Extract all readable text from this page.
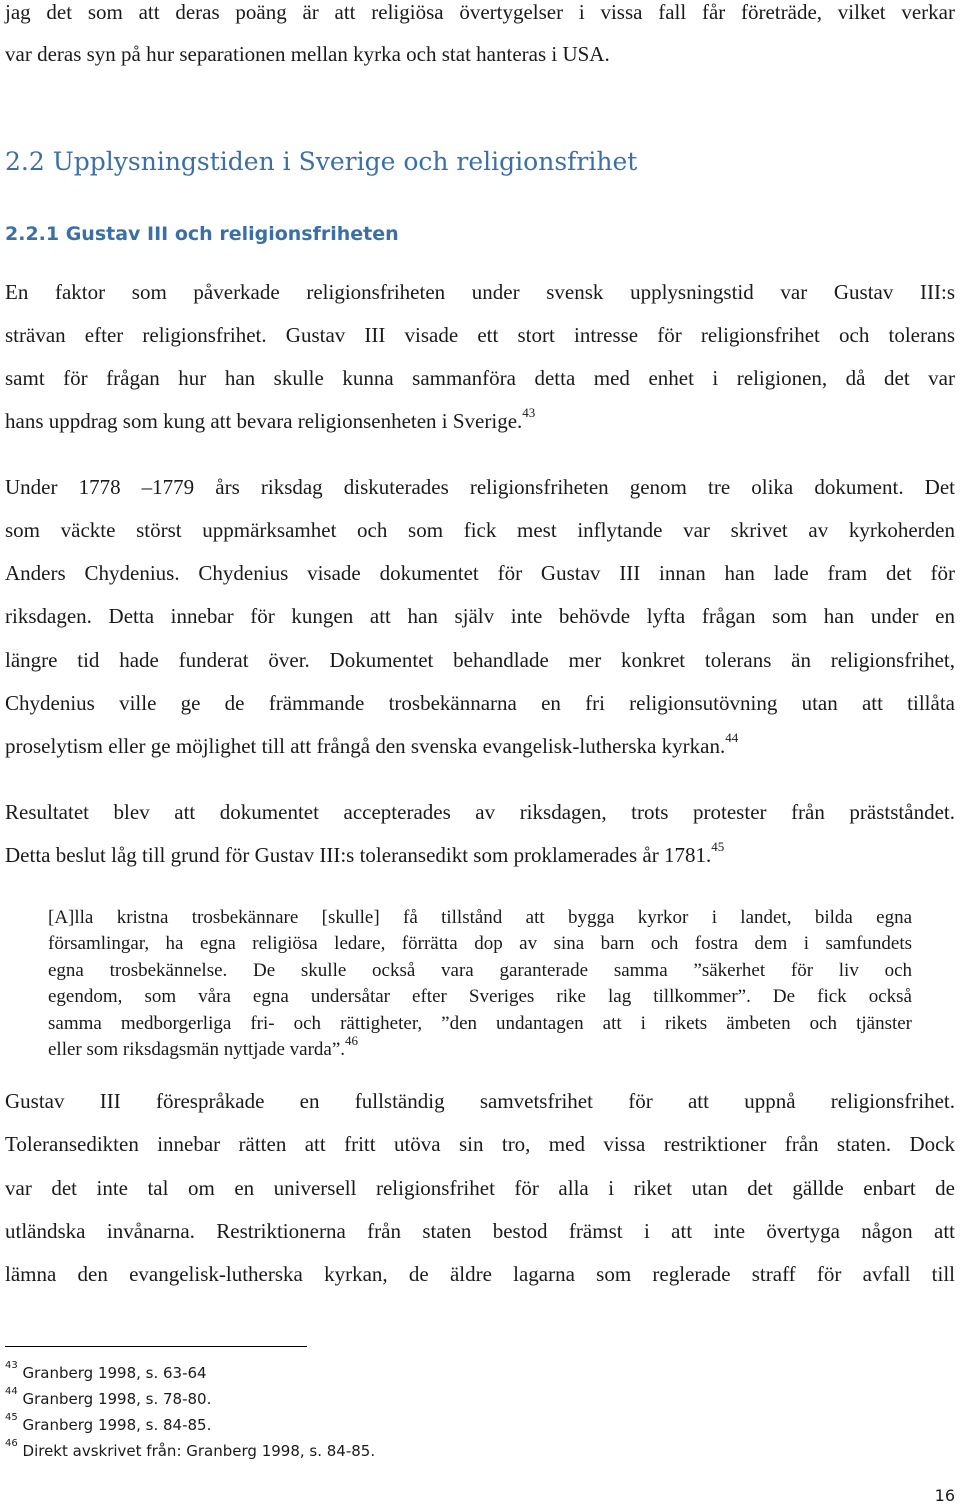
jag det som att deras poäng är att religiösa övertygelser i vissa fall får företräde, vilket verkar

var deras syn på hur separationen mellan kyrka och stat hanteras i USA.

2.2 Upplysningstiden i Sverige och religionsfrihet
2.2.1 Gustav III och religionsfriheten

En faktor som påverkade religionsfriheten under svensk upplysningstid var Gustav III:s

strävan efter religionsfrihet. Gustav III visade ett stort intresse för religionsfrihet och tolerans

samt för frågan hur han skulle kunna sammanföra detta med enhet i religionen, då det var

hans uppdrag som kung att bevara religionsenheten i Sverige.$^{43}$

Under 1778 –1779 års riksdag diskuterades religionsfriheten genom tre olika dokument. Det

som väckte störst uppmärksamhet och som fick mest inflytande var skrivet av kyrkoherden

Anders Chydenius. Chydenius visade dokumentet för Gustav III innan han lade fram det för

riksdagen. Detta innebar för kungen att han själv inte behövde lyfta frågan som han under en

längre tid hade funderat över. Dokumentet behandlade mer konkret tolerans än religionsfrihet,

Chydenius ville ge de främmande trosbekännarna en fri religionsutövning utan att tillåta

proselytism eller ge möjlighet till att frångå den svenska evangelisk-lutherska kyrkan.$^{44}$

Resultatet blev att dokumentet accepterades av riksdagen, trots protester från prästståndet.

Detta beslut låg till grund för Gustav III:s toleransedikt som proklamerades år 1781.45

[A]lla kristna trosbekännare [skulle] få tillstånd att bygga kyrkor i landet, bilda egna

församlingar, ha egna religiösa ledare, förrätta dop av sina barn och fostra dem i samfundets

egna trosbekännelse. De skulle också vara garanterade samma ”säkerhet för liv och

egendom, som våra egna undersåtar efter Sveriges rike lag tillkommer”. De fick också

samma medborgerliga fri- och rättigheter, ”den undantagen att i rikets ämbeten och tjänster

eller som riksdagsmän nyttjade varda”.$^{46}$

Gustav III förespråkade en fullständig samvetsfrihet för att uppnå religionsfrihet.

Toleransedikten innebar rätten att fritt utöva sin tro, med vissa restriktioner från staten. Dock

var det inte tal om en universell religionsfrihet för alla i riket utan det gällde enbart de

utländska invånarna. Restriktionerna från staten bestod främst i att inte övertyga någon att

lämna den evangelisk-lutherska kyrkan, de äldre lagarna som reglerade straff för avfall till

$^{43}$ Granberg 1998, s. 63-64

$^{44}$ Granberg 1998, s. 78-80.

$^{45}$ Granberg 1998, s. 84-85.

$^{46}$ Direkt avskrivet från: Granberg 1998, s. 84-85.

16
